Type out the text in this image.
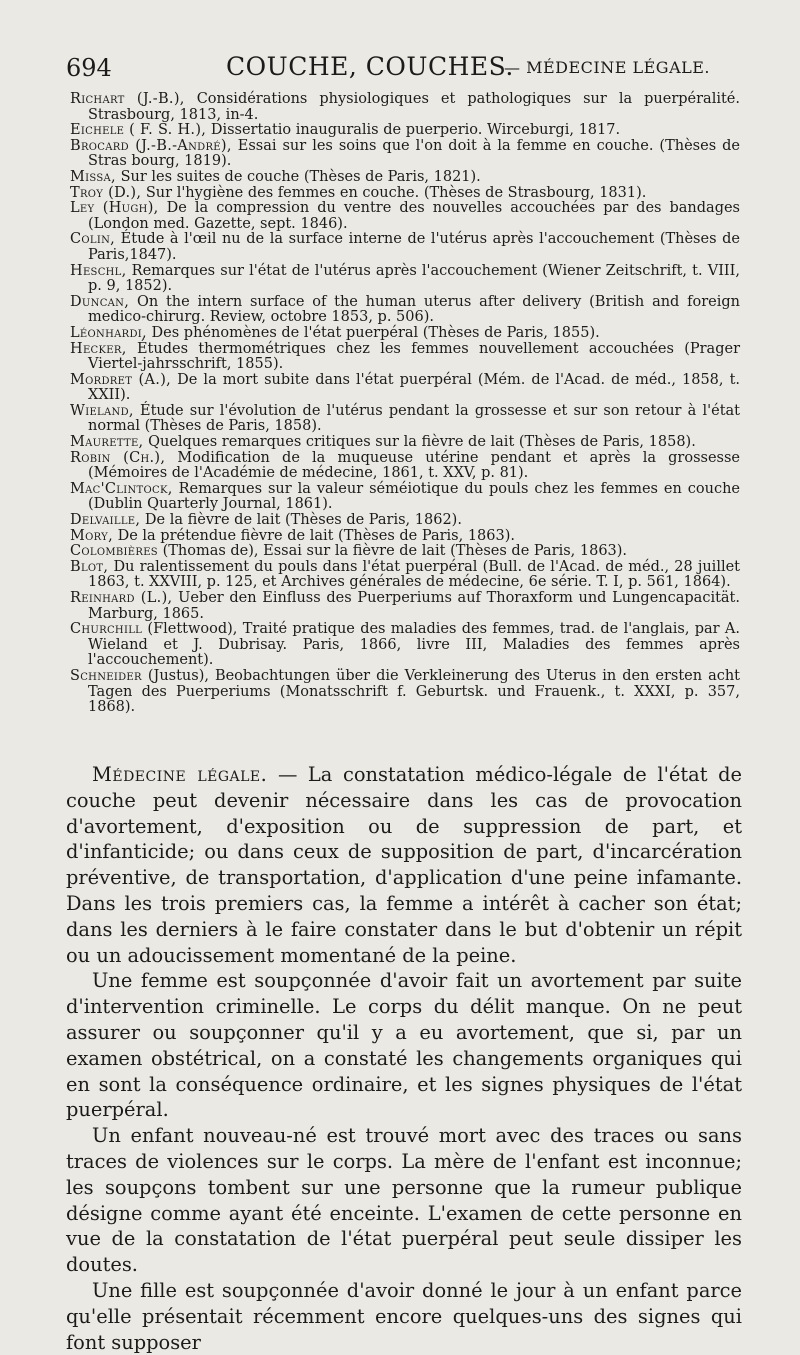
694	COUCHE, COUCHES.
— MÉDECINE LÉGALE.
Richart (J.-B.), Considérations physiologiques et pathologiques sur la puerpéralité. Strasbourg, 1813, in-4.
Eichele ( F. S. H.), Dissertatio inauguralis de puerperio. Wirceburgi, 1817.
Brocard (J.-B.-André), Essai sur les soins que l'on doit à la femme en couche. (Thèses de Stras bourg, 1819).
Missa, Sur les suites de couche (Thèses de Paris, 1821).
Troy (D.), Sur l'hygiène des femmes en couche. (Thèses de Strasbourg, 1831).
Ley (Hugh), De la compression du ventre des nouvelles accouchées par des bandages (London med. Gazette, sept. 1846).
Colin, Étude à l'œil nu de la surface interne de l'utérus après l'accouchement (Thèses de Paris,1847).
Heschl, Remarques sur l'état de l'utérus après l'accouchement (Wiener Zeitschrift, t. VIII, p. 9, 1852).
Duncan, On the intern surface of the human uterus after delivery (British and foreign medico-chirurg. Review, octobre 1853, p. 506).
Léonhardi, Des phénomènes de l'état puerpéral (Thèses de Paris, 1855).
Hecker, Études thermométriques chez les femmes nouvellement accouchées (Prager Viertel-jahrsschrift, 1855).
Mordret (A.), De la mort subite dans l'état puerpéral (Mém. de l'Acad. de méd., 1858, t. XXII).
Wieland, Étude sur l'évolution de l'utérus pendant la grossesse et sur son retour à l'état normal (Thèses de Paris, 1858).
Maurette, Quelques remarques critiques sur la fièvre de lait (Thèses de Paris, 1858).
Robin (Ch.), Modification de la muqueuse utérine pendant et après la grossesse (Mémoires de l'Académie de médecine, 1861, t. XXV, p. 81).
Mac'Clintock, Remarques sur la valeur séméiotique du pouls chez les femmes en couche (Dublin Quarterly Journal, 1861).
Delvaille, De la fièvre de lait (Thèses de Paris, 1862).
Mory, De la prétendue fièvre de lait (Thèses de Paris, 1863).
Colombières (Thomas de), Essai sur la fièvre de lait (Thèses de Paris, 1863).
Blot, Du ralentissement du pouls dans l'état puerpéral (Bull. de l'Acad. de méd., 28 juillet 1863, t. XXVIII, p. 125, et Archives générales de médecine, 6e série. T. I, p. 561, 1864).
Reinhard (L.), Ueber den Einfluss des Puerperiums auf Thoraxform und Lungencapacität. Marburg, 1865.
Churchill (Flettwood), Traité pratique des maladies des femmes, trad. de l'anglais, par A. Wieland et J. Dubrisay. Paris, 1866, livre III, Maladies des femmes après l'accouchement).
Schneider (Justus), Beobachtungen über die Verkleinerung des Uterus in den ersten acht Tagen des Puerperiums (Monatsschrift f. Geburtsk. und Frauenk., t. XXXI, p. 357, 1868).

Médecine légale. — La constatation médico-légale de l'état de couche peut devenir nécessaire dans les cas de provocation d'avortement, d'exposition ou de suppression de part, et d'infanticide; ou dans ceux de supposition de part, d'incarcération préventive, de transportation, d'application d'une peine infamante. Dans les trois premiers cas, la femme a intérêt à cacher son état; dans les derniers à le faire constater dans le but d'obtenir un répit ou un adoucissement momentané de la peine.

Une femme est soupçonnée d'avoir fait un avortement par suite d'intervention criminelle. Le corps du délit manque. On ne peut assurer ou soupçonner qu'il y a eu avortement, que si, par un examen obstétrical, on a constaté les changements organiques qui en sont la conséquence ordinaire, et les signes physiques de l'état puerpéral.

Un enfant nouveau-né est trouvé mort avec des traces ou sans traces de violences sur le corps. La mère de l'enfant est inconnue; les soupçons tombent sur une personne que la rumeur publique désigne comme ayant été enceinte. L'examen de cette personne en vue de la constatation de l'état puerpéral peut seule dissiper les doutes.

Une fille est soupçonnée d'avoir donné le jour à un enfant parce qu'elle présentait récemment encore quelques-uns des signes qui font supposer
